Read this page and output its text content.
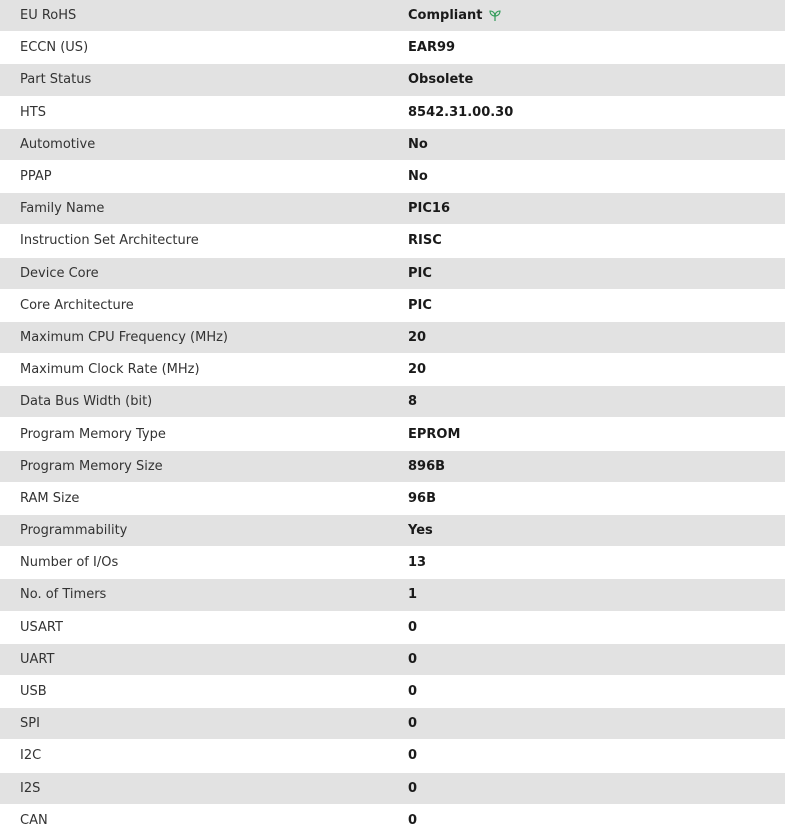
EU RoHS	Compliant
ECCN (US)	EAR99
Part Status	Obsolete
HTS	8542.31.00.30
Automotive	No
PPAP	No
Family Name	PIC16
Instruction Set Architecture	RISC
Device Core	PIC
Core Architecture	PIC
Maximum CPU Frequency (MHz)	20
Maximum Clock Rate (MHz)	20
Data Bus Width (bit)	8
Program Memory Type	EPROM
Program Memory Size	896B
RAM Size	96B
Programmability	Yes
Number of I/Os	13
No. of Timers	1
USART	0
UART	0
USB	0
SPI	0
I2C	0
I2S	0
CAN	0
